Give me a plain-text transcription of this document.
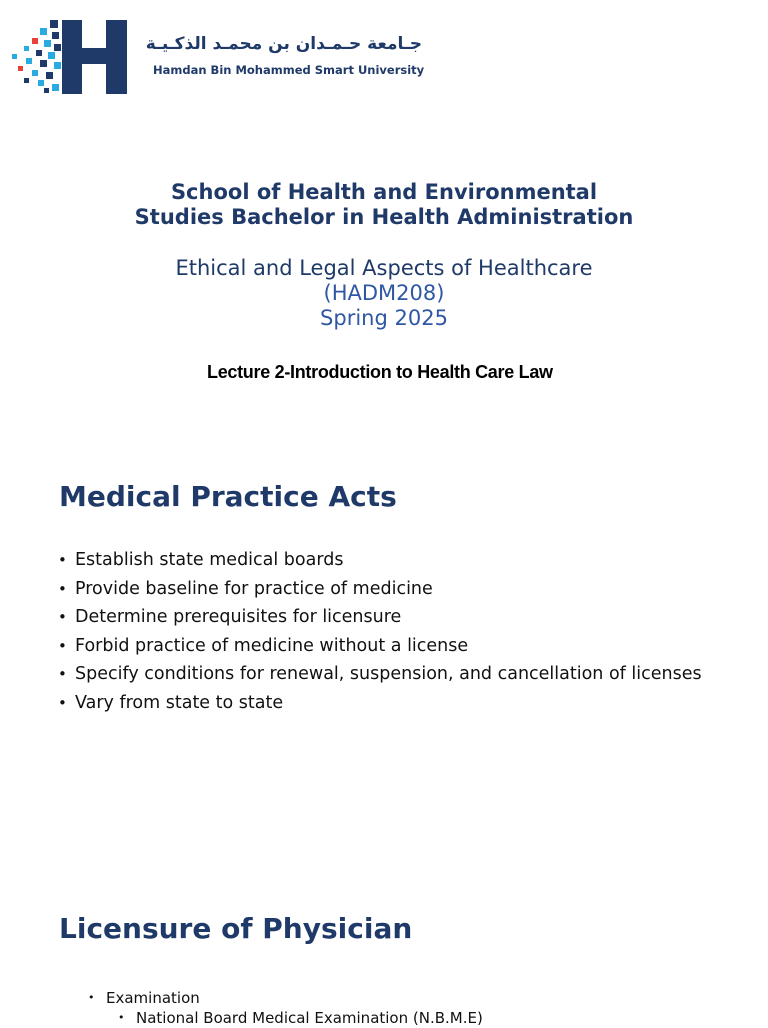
جـامعة حـمـدان بن محمـد الذكـيـة
Hamdan Bin Mohammed Smart University
School of Health and Environmental
Studies Bachelor in Health Administration
Ethical and Legal Aspects of Healthcare
(HADM208)
Spring 2025
Lecture 2-Introduction to Health Care Law
Medical Practice Acts
• Establish state medical boards
• Provide baseline for practice of medicine
• Determine prerequisites for licensure
• Forbid practice of medicine without a license
• Specify conditions for renewal, suspension, and cancellation of licenses
• Vary from state to state
Licensure of Physician
• Examination
• National Board Medical Examination (N.B.M.E)
